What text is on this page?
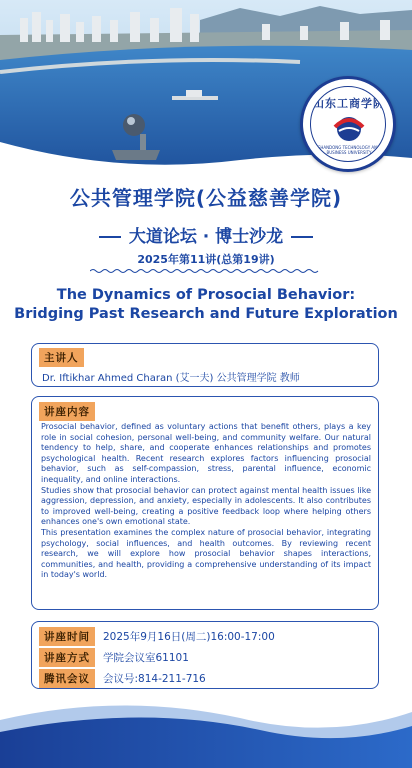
山东工商学院
SHANDONG TECHNOLOGY AND BUSINESS UNIVERSITY
公共管理学院(公益慈善学院)
大道论坛 · 博士沙龙
2025年第11讲(总第19讲)
The Dynamics of Prosocial Behavior:
Bridging Past Research and Future Exploration
主讲人
Dr. Iftikhar Ahmed Charan (艾一夫) 公共管理学院 教师
讲座内容

Prosocial behavior, defined as voluntary actions that benefit others, plays a key role in social cohesion, personal well-being, and community welfare. Our natural tendency to help, share, and cooperate enhances relationships and promotes psychological health. Recent research explores factors influencing prosocial behavior, such as self-compassion, stress, parental influence, economic inequality, and online interactions.

Studies show that prosocial behavior can protect against mental health issues like aggression, depression, and anxiety, especially in adolescents. It also contributes to improved well-being, creating a positive feedback loop where helping others enhances one's own emotional state.

This presentation examines the complex nature of prosocial behavior, integrating psychology, social influences, and health outcomes. By reviewing recent research, we will explore how prosocial behavior shapes interactions, communities, and health, providing a comprehensive understanding of its impact in today's world.

讲座时间	2025年9月16日(周二)16:00-17:00
讲座方式	学院会议室61101
腾讯会议	会议号:814-211-716
